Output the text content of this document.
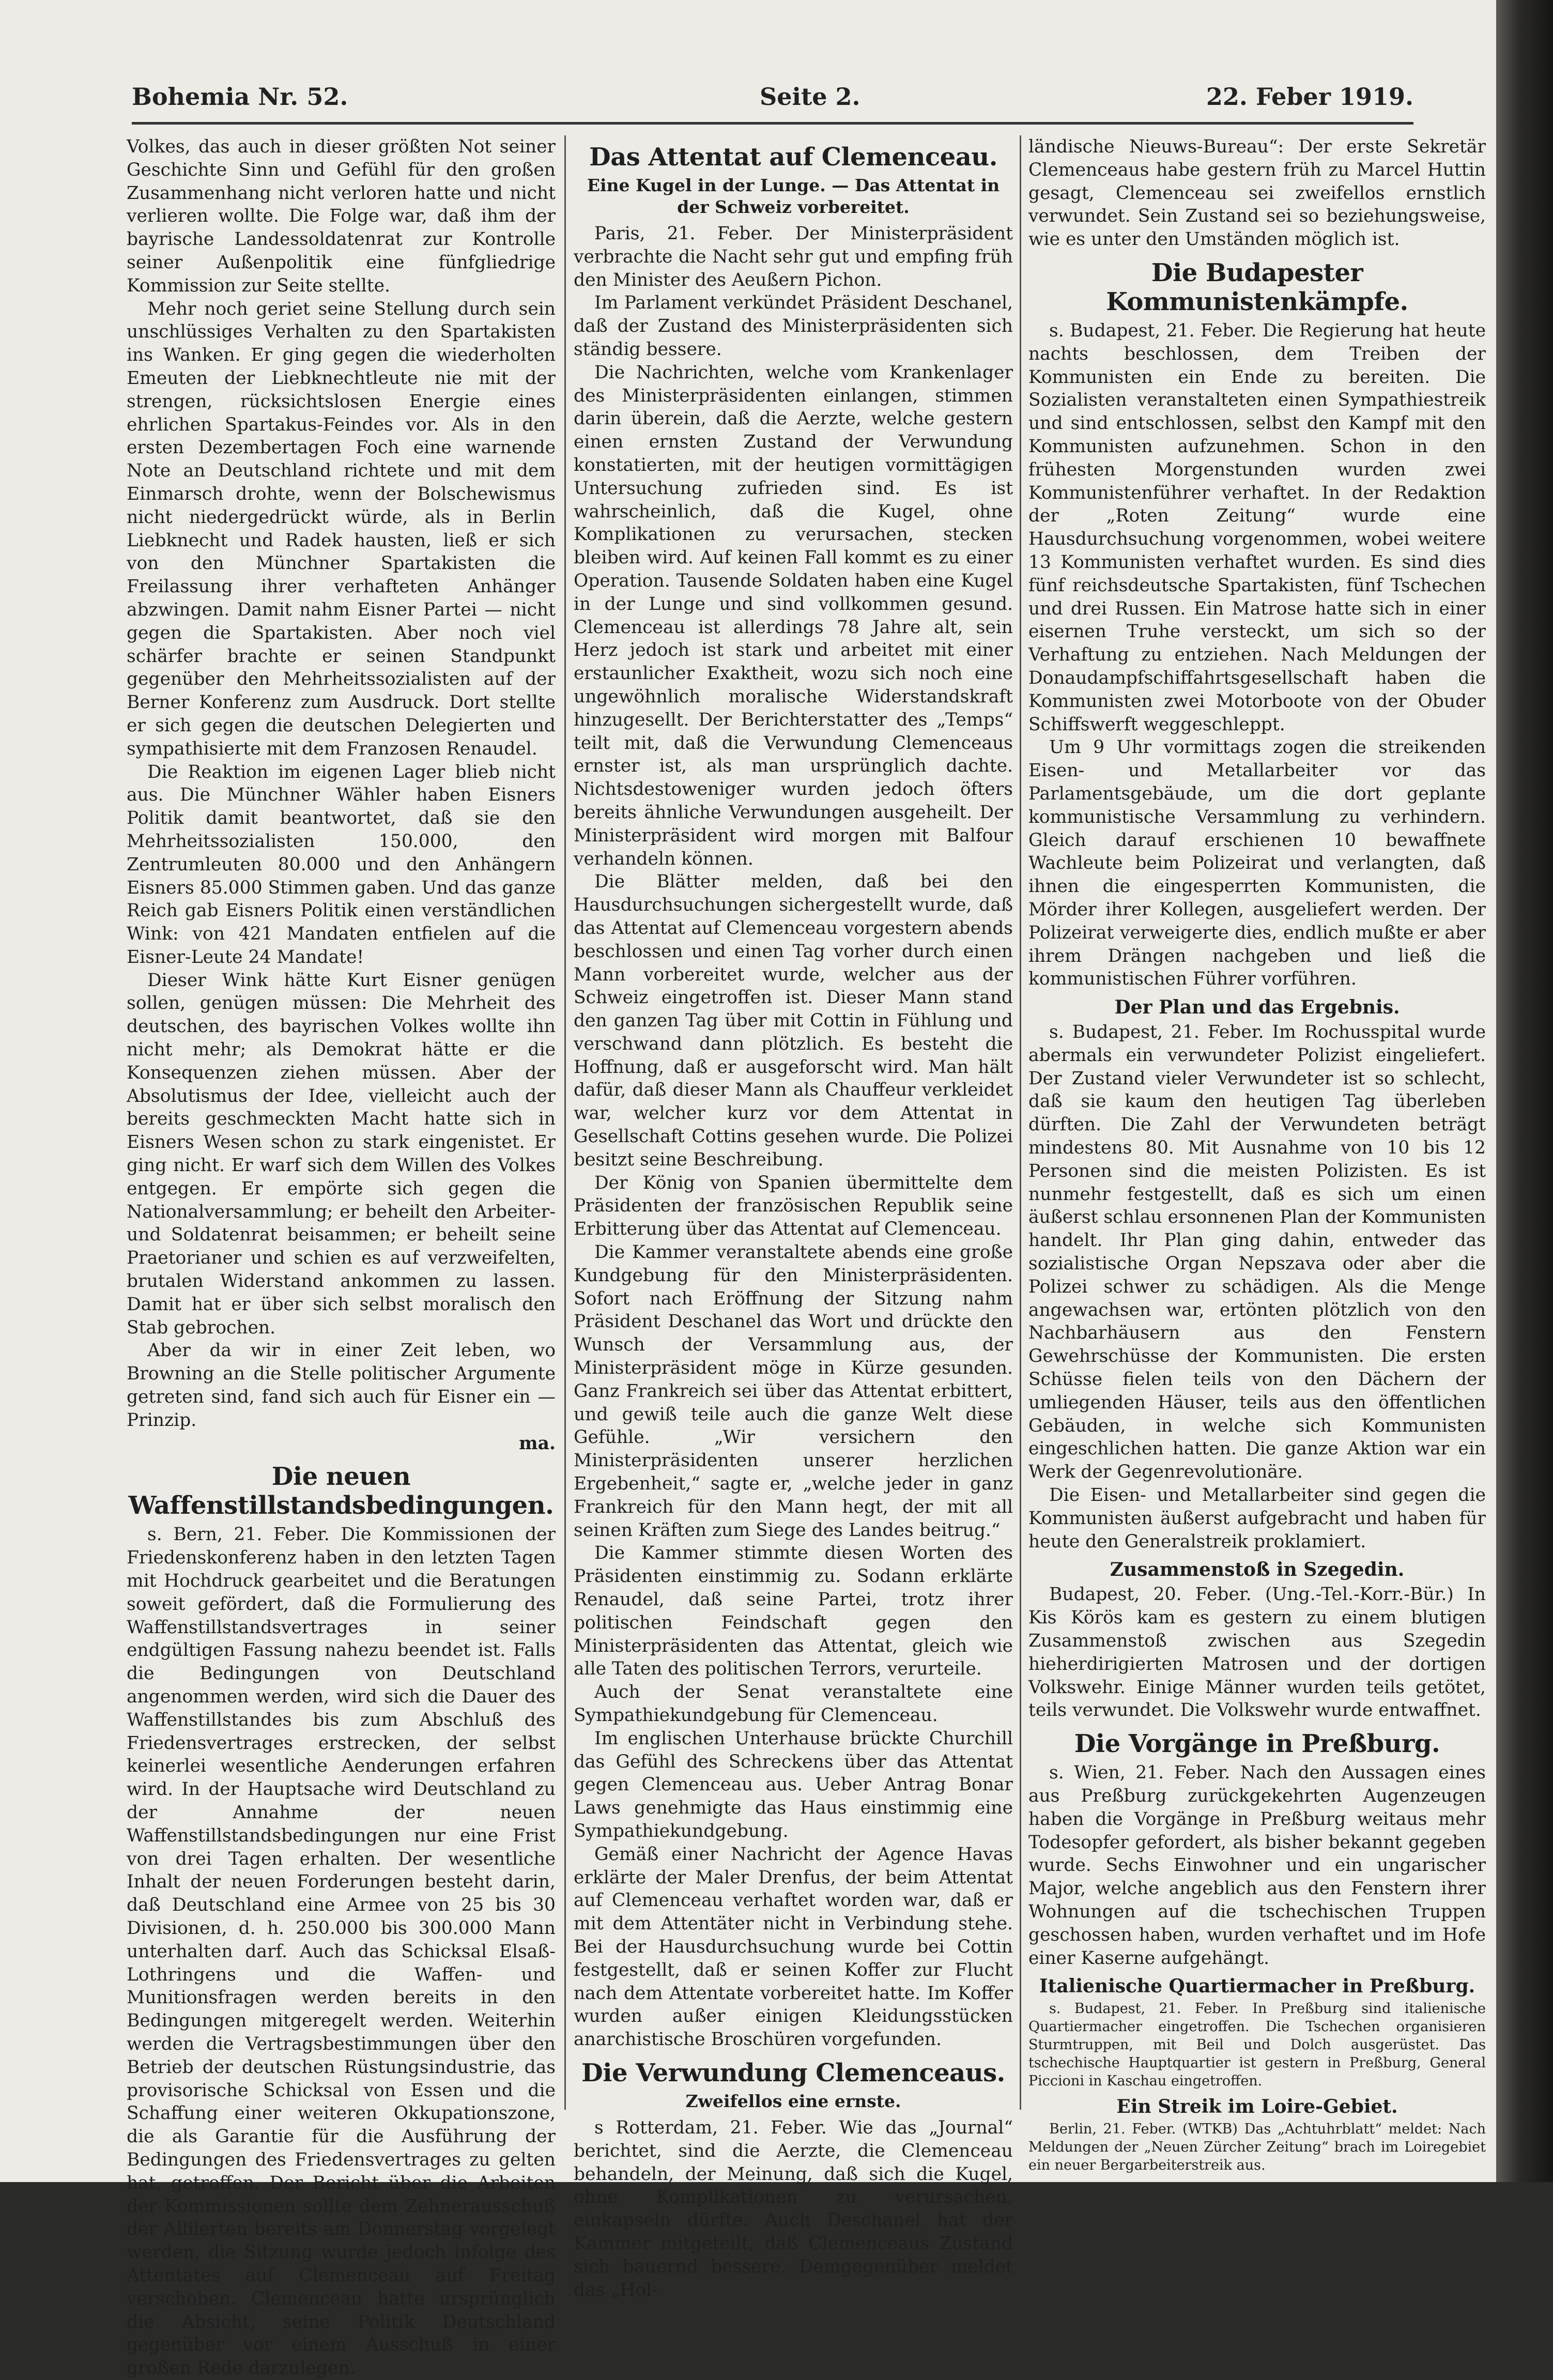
Bohemia Nr. 52.	Seite 2.	22. Feber 1919.

Volkes, das auch in dieser größten Not seiner Geschichte Sinn und Gefühl für den großen Zusammenhang nicht verloren hatte und nicht verlieren wollte. Die Folge war, daß ihm der bayrische Landessoldatenrat zur Kontrolle seiner Außenpolitik eine fünfgliedrige Kommission zur Seite stellte.

Mehr noch geriet seine Stellung durch sein unschlüssiges Verhalten zu den Spartakisten ins Wanken. Er ging gegen die wiederholten Emeuten der Liebknechtleute nie mit der strengen, rücksichtslosen Energie eines ehrlichen Spartakus-Feindes vor. Als in den ersten Dezembertagen Foch eine warnende Note an Deutschland richtete und mit dem Einmarsch drohte, wenn der Bolschewismus nicht niedergedrückt würde, als in Berlin Liebknecht und Radek hausten, ließ er sich von den Münchner Spartakisten die Freilassung ihrer verhafteten Anhänger abzwingen. Damit nahm Eisner Partei — nicht gegen die Spartakisten. Aber noch viel schärfer brachte er seinen Standpunkt gegenüber den Mehrheitssozialisten auf der Berner Konferenz zum Ausdruck. Dort stellte er sich gegen die deutschen Delegierten und sympathisierte mit dem Franzosen Renaudel.

Die Reaktion im eigenen Lager blieb nicht aus. Die Münchner Wähler haben Eisners Politik damit beantwortet, daß sie den Mehrheitssozialisten 150.000, den Zentrumleuten 80.000 und den Anhängern Eisners 85.000 Stimmen gaben. Und das ganze Reich gab Eisners Politik einen verständlichen Wink: von 421 Mandaten entfielen auf die Eisner-Leute 24 Mandate!

Dieser Wink hätte Kurt Eisner genügen sollen, genügen müssen: Die Mehrheit des deutschen, des bayrischen Volkes wollte ihn nicht mehr; als Demokrat hätte er die Konsequenzen ziehen müssen. Aber der Absolutismus der Idee, vielleicht auch der bereits geschmeckten Macht hatte sich in Eisners Wesen schon zu stark eingenistet. Er ging nicht. Er warf sich dem Willen des Volkes entgegen. Er empörte sich gegen die Nationalversammlung; er beheilt den Arbeiter- und Soldatenrat beisammen; er beheilt seine Praetorianer und schien es auf verzweifelten, brutalen Widerstand ankommen zu lassen. Damit hat er über sich selbst moralisch den Stab gebrochen.

Aber da wir in einer Zeit leben, wo Browning an die Stelle politischer Argumente getreten sind, fand sich auch für Eisner ein — Prinzip.

ma.
Die neuen Waffenstillstandsbedingungen.

s. Bern, 21. Feber. Die Kommissionen der Friedenskonferenz haben in den letzten Tagen mit Hochdruck gearbeitet und die Beratungen soweit gefördert, daß die Formulierung des Waffenstillstandsvertrages in seiner endgültigen Fassung nahezu beendet ist. Falls die Bedingungen von Deutschland angenommen werden, wird sich die Dauer des Waffenstillstandes bis zum Abschluß des Friedensvertrages erstrecken, der selbst keinerlei wesentliche Aenderungen erfahren wird. In der Hauptsache wird Deutschland zu der Annahme der neuen Waffenstillstandsbedingungen nur eine Frist von drei Tagen erhalten. Der wesentliche Inhalt der neuen Forderungen besteht darin, daß Deutschland eine Armee von 25 bis 30 Divisionen, d. h. 250.000 bis 300.000 Mann unterhalten darf. Auch das Schicksal Elsaß-Lothringens und die Waffen- und Munitionsfragen werden bereits in den Bedingungen mitgeregelt werden. Weiterhin werden die Vertragsbestimmungen über den Betrieb der deutschen Rüstungsindustrie, das provisorische Schicksal von Essen und die Schaffung einer weiteren Okkupationszone, die als Garantie für die Ausführung der Bedingungen des Friedensvertrages zu gelten hat, getroffen. Der Bericht über die Arbeiten der Kommissionen sollte dem Zehnerausschuß der Alliierten bereits am Donnerstag vorgelegt werden, die Sitzung wurde jedoch infolge des Attentates auf Clemenceau auf Freitag verschoben. Clemenceau hatte ursprünglich die Absicht, seine Politik Deutschland gegenüber vor einem Ausschuß in einer großen Rede darzulegen.

Das Attentat auf Clemenceau.
Eine Kugel in der Lunge. — Das Attentat in der Schweiz vorbereitet.

Paris, 21. Feber. Der Ministerpräsident verbrachte die Nacht sehr gut und empfing früh den Minister des Aeußern Pichon.

Im Parlament verkündet Präsident Deschanel, daß der Zustand des Ministerpräsidenten sich ständig bessere.

Die Nachrichten, welche vom Krankenlager des Ministerpräsidenten einlangen, stimmen darin überein, daß die Aerzte, welche gestern einen ernsten Zustand der Verwundung konstatierten, mit der heutigen vormittägigen Untersuchung zufrieden sind. Es ist wahrscheinlich, daß die Kugel, ohne Komplikationen zu verursachen, stecken bleiben wird. Auf keinen Fall kommt es zu einer Operation. Tausende Soldaten haben eine Kugel in der Lunge und sind vollkommen gesund. Clemenceau ist allerdings 78 Jahre alt, sein Herz jedoch ist stark und arbeitet mit einer erstaunlicher Exaktheit, wozu sich noch eine ungewöhnlich moralische Widerstandskraft hinzugesellt. Der Berichterstatter des „Temps“ teilt mit, daß die Verwundung Clemenceaus ernster ist, als man ursprünglich dachte. Nichtsdestoweniger wurden jedoch öfters bereits ähnliche Verwundungen ausgeheilt. Der Ministerpräsident wird morgen mit Balfour verhandeln können.

Die Blätter melden, daß bei den Hausdurchsuchungen sichergestellt wurde, daß das Attentat auf Clemenceau vorgestern abends beschlossen und einen Tag vorher durch einen Mann vorbereitet wurde, welcher aus der Schweiz eingetroffen ist. Dieser Mann stand den ganzen Tag über mit Cottin in Fühlung und verschwand dann plötzlich. Es besteht die Hoffnung, daß er ausgeforscht wird. Man hält dafür, daß dieser Mann als Chauffeur verkleidet war, welcher kurz vor dem Attentat in Gesellschaft Cottins gesehen wurde. Die Polizei besitzt seine Beschreibung.

Der König von Spanien übermittelte dem Präsidenten der französischen Republik seine Erbitterung über das Attentat auf Clemenceau.

Die Kammer veranstaltete abends eine große Kundgebung für den Ministerpräsidenten. Sofort nach Eröffnung der Sitzung nahm Präsident Deschanel das Wort und drückte den Wunsch der Versammlung aus, der Ministerpräsident möge in Kürze gesunden. Ganz Frankreich sei über das Attentat erbittert, und gewiß teile auch die ganze Welt diese Gefühle. „Wir versichern den Ministerpräsidenten unserer herzlichen Ergebenheit,“ sagte er, „welche jeder in ganz Frankreich für den Mann hegt, der mit all seinen Kräften zum Siege des Landes beitrug.“

Die Kammer stimmte diesen Worten des Präsidenten einstimmig zu. Sodann erklärte Renaudel, daß seine Partei, trotz ihrer politischen Feindschaft gegen den Ministerpräsidenten das Attentat, gleich wie alle Taten des politischen Terrors, verurteile.

Auch der Senat veranstaltete eine Sympathiekundgebung für Clemenceau.

Im englischen Unterhause brückte Churchill das Gefühl des Schreckens über das Attentat gegen Clemenceau aus. Ueber Antrag Bonar Laws genehmigte das Haus einstimmig eine Sympathiekundgebung.

Gemäß einer Nachricht der Agence Havas erklärte der Maler Drenfus, der beim Attentat auf Clemenceau verhaftet worden war, daß er mit dem Attentäter nicht in Verbindung stehe. Bei der Hausdurchsuchung wurde bei Cottin festgestellt, daß er seinen Koffer zur Flucht nach dem Attentate vorbereitet hatte. Im Koffer wurden außer einigen Kleidungsstücken anarchistische Broschüren vorgefunden.

Die Verwundung Clemenceaus.
Zweifellos eine ernste.

s Rotterdam, 21. Feber. Wie das „Journal“ berichtet, sind die Aerzte, die Clemenceau behandeln, der Meinung, daß sich die Kugel, ohne Komplikationen zu verursachen, einkapseln dürfte. Auch Deschanel hat der Kammer mitgeteilt, daß Clemenceaus Zustand sich bauernd bessere. Demgegenüber meldet das „Hol-

ländische Nieuws-Bureau“: Der erste Sekretär Clemenceaus habe gestern früh zu Marcel Huttin gesagt, Clemenceau sei zweifellos ernstlich verwundet. Sein Zustand sei so beziehungsweise, wie es unter den Umständen möglich ist.

Die Budapester Kommunistenkämpfe.

s. Budapest, 21. Feber. Die Regierung hat heute nachts beschlossen, dem Treiben der Kommunisten ein Ende zu bereiten. Die Sozialisten veranstalteten einen Sympathiestreik und sind entschlossen, selbst den Kampf mit den Kommunisten aufzunehmen. Schon in den frühesten Morgenstunden wurden zwei Kommunistenführer verhaftet. In der Redaktion der „Roten Zeitung“ wurde eine Hausdurchsuchung vorgenommen, wobei weitere 13 Kommunisten verhaftet wurden. Es sind dies fünf reichsdeutsche Spartakisten, fünf Tschechen und drei Russen. Ein Matrose hatte sich in einer eisernen Truhe versteckt, um sich so der Verhaftung zu entziehen. Nach Meldungen der Donaudampfschiffahrtsgesellschaft haben die Kommunisten zwei Motorboote von der Obuder Schiffswerft weggeschleppt.

Um 9 Uhr vormittags zogen die streikenden Eisen- und Metallarbeiter vor das Parlamentsgebäude, um die dort geplante kommunistische Versammlung zu verhindern. Gleich darauf erschienen 10 bewaffnete Wachleute beim Polizeirat und verlangten, daß ihnen die eingesperrten Kommunisten, die Mörder ihrer Kollegen, ausgeliefert werden. Der Polizeirat verweigerte dies, endlich mußte er aber ihrem Drängen nachgeben und ließ die kommunistischen Führer vorführen.

Der Plan und das Ergebnis.

s. Budapest, 21. Feber. Im Rochusspital wurde abermals ein verwundeter Polizist eingeliefert. Der Zustand vieler Verwundeter ist so schlecht, daß sie kaum den heutigen Tag überleben dürften. Die Zahl der Verwundeten beträgt mindestens 80. Mit Ausnahme von 10 bis 12 Personen sind die meisten Polizisten. Es ist nunmehr festgestellt, daß es sich um einen äußerst schlau ersonnenen Plan der Kommunisten handelt. Ihr Plan ging dahin, entweder das sozialistische Organ Nepszava oder aber die Polizei schwer zu schädigen. Als die Menge angewachsen war, ertönten plötzlich von den Nachbarhäusern aus den Fenstern Gewehrschüsse der Kommunisten. Die ersten Schüsse fielen teils von den Dächern der umliegenden Häuser, teils aus den öffentlichen Gebäuden, in welche sich Kommunisten eingeschlichen hatten. Die ganze Aktion war ein Werk der Gegenrevolutionäre.

Die Eisen- und Metallarbeiter sind gegen die Kommunisten äußerst aufgebracht und haben für heute den Generalstreik proklamiert.

Zusammenstoß in Szegedin.

Budapest, 20. Feber. (Ung.-Tel.-Korr.-Bür.) In Kis Körös kam es gestern zu einem blutigen Zusammenstoß zwischen aus Szegedin hieherdirigierten Matrosen und der dortigen Volkswehr. Einige Männer wurden teils getötet, teils verwundet. Die Volkswehr wurde entwaffnet.

Die Vorgänge in Preßburg.

s. Wien, 21. Feber. Nach den Aussagen eines aus Preßburg zurückgekehrten Augenzeugen haben die Vorgänge in Preßburg weitaus mehr Todesopfer gefordert, als bisher bekannt gegeben wurde. Sechs Einwohner und ein ungarischer Major, welche angeblich aus den Fenstern ihrer Wohnungen auf die tschechischen Truppen geschossen haben, wurden verhaftet und im Hofe einer Kaserne aufgehängt.

Italienische Quartiermacher in Preßburg.

s. Budapest, 21. Feber. In Preßburg sind italienische Quartiermacher eingetroffen. Die Tschechen organisieren Sturmtruppen, mit Beil und Dolch ausgerüstet. Das tschechische Hauptquartier ist gestern in Preßburg, General Piccioni in Kaschau eingetroffen.

Ein Streik im Loire-Gebiet.

Berlin, 21. Feber. (WTKB) Das „Achtuhrblatt“ meldet: Nach Meldungen der „Neuen Zürcher Zeitung“ brach im Loiregebiet ein neuer Bergarbeiterstreik aus.
